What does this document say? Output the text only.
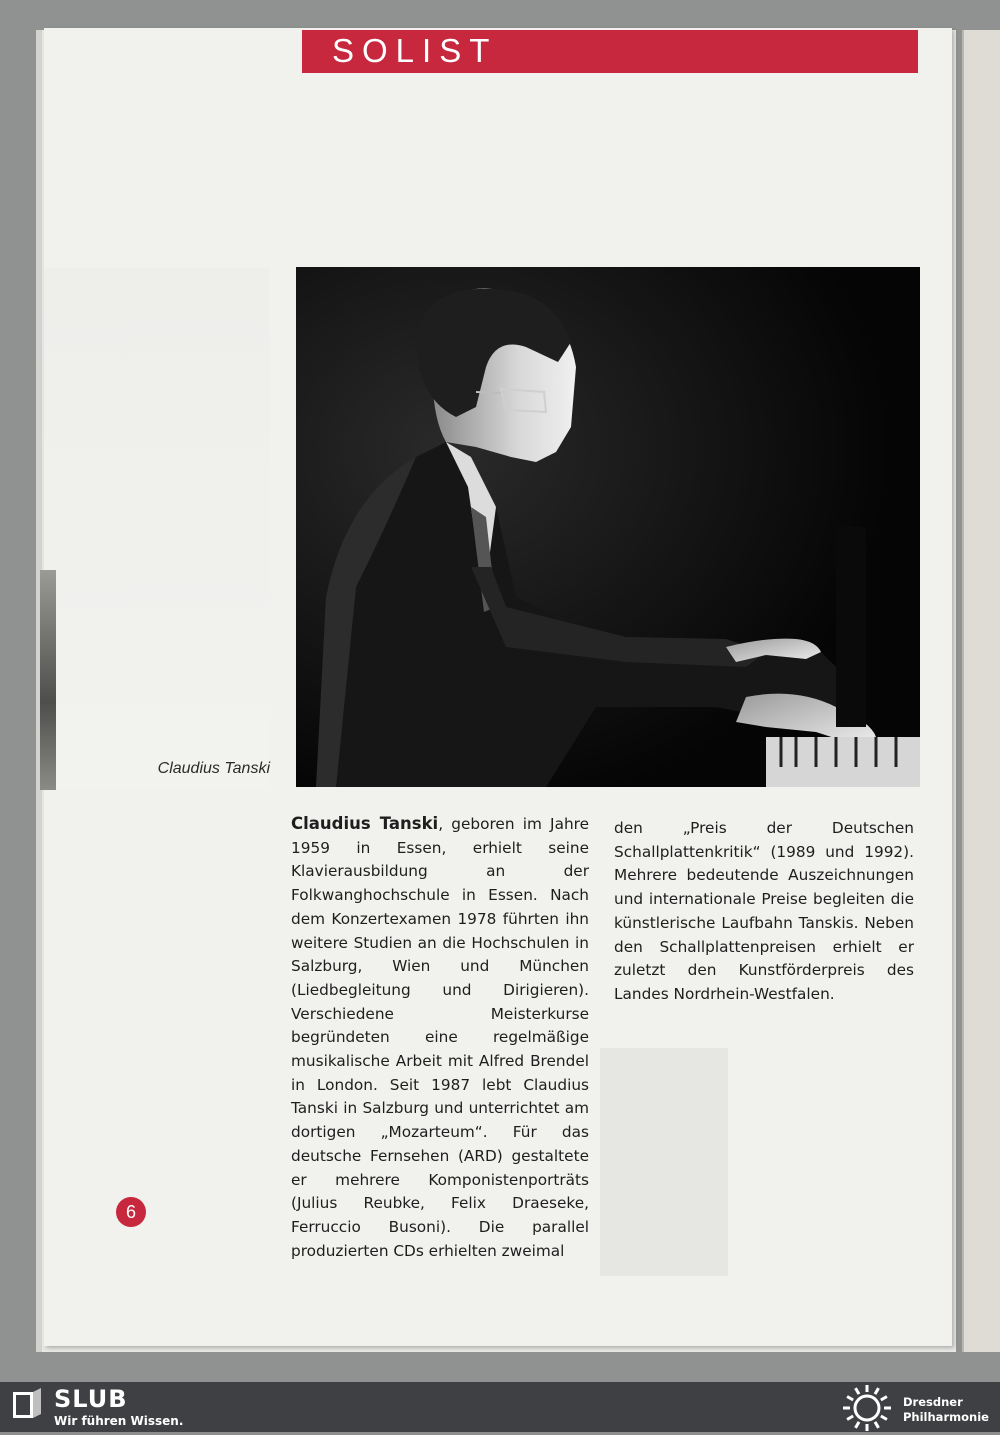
SOLIST

Claudius Tanski

Claudius Tanski, geboren im Jahre 1959 in Essen, erhielt seine Klavierausbildung an der Folkwanghochschule in Essen. Nach dem Konzertexamen 1978 führten ihn weitere Studien an die Hochschulen in Salzburg, Wien und München (Liedbegleitung und Dirigieren). Verschiedene Meisterkurse begründeten eine regelmäßige musikalische Arbeit mit Alfred Brendel in London. Seit 1987 lebt Claudius Tanski in Salzburg und unterrichtet am dortigen „Mozarteum“. Für das deutsche Fernsehen (ARD) gestaltete er mehrere Komponistenporträts (Julius Reubke, Felix Draeseke, Ferruccio Busoni). Die parallel produzierten CDs erhielten zweimal

den „Preis der Deutschen Schallplattenkritik“ (1989 und 1992). Mehrere bedeutende Auszeichnungen und internationale Preise begleiten die künstlerische Laufbahn Tanskis. Neben den Schallplattenpreisen erhielt er zuletzt den Kunstförderpreis des Landes Nordrhein-Westfalen.

6
SLUB
Wir führen Wissen.
Dresdner
Philharmonie
